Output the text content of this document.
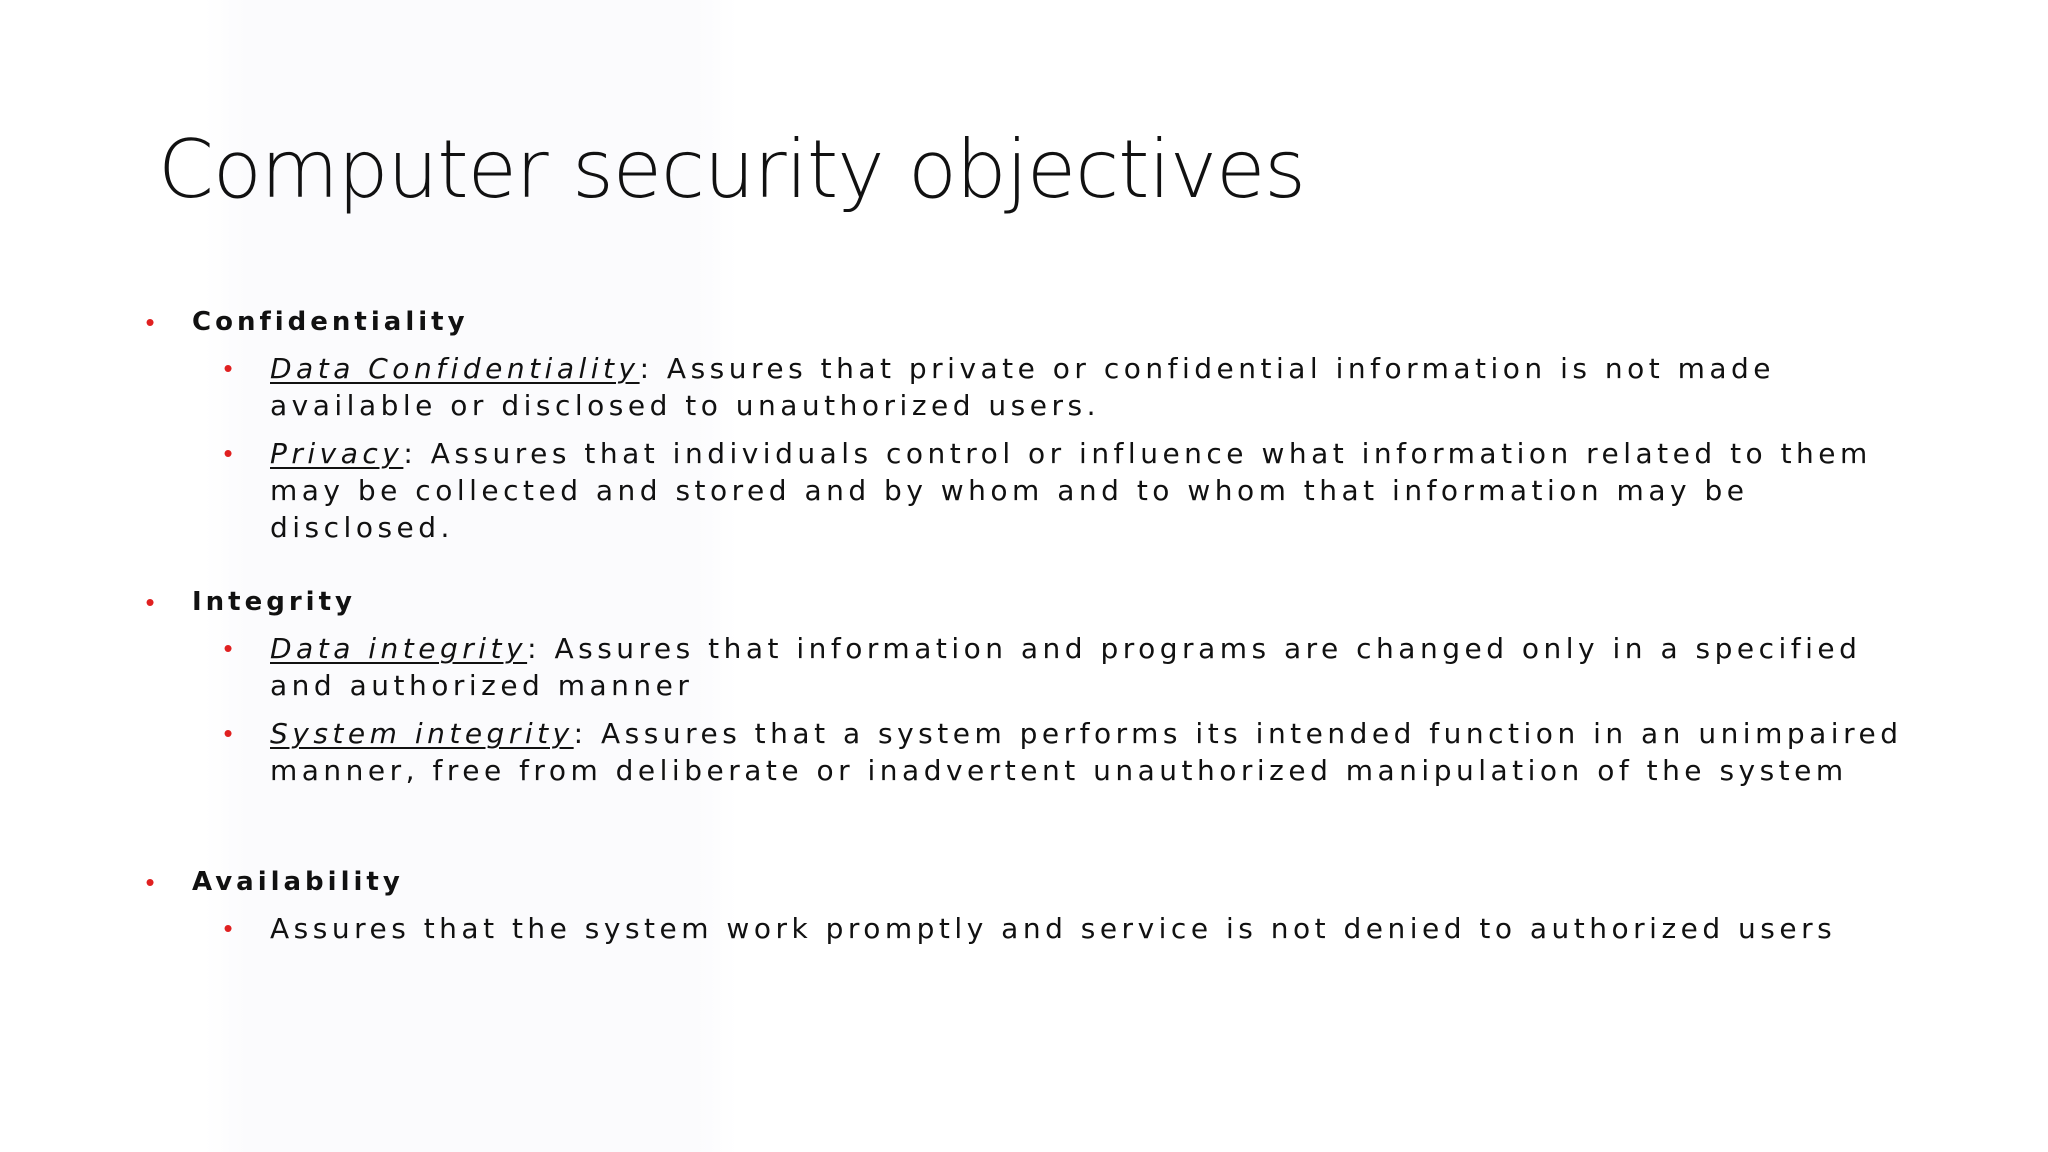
Computer security objectives
• Confidentiality
• Data Confidentiality: Assures that private or confidential information is not made available or disclosed to unauthorized users.
• Privacy: Assures that individuals control or influence what information related to them may be collected and stored and by whom and to whom that information may be disclosed.
• Integrity
• Data integrity: Assures that information and programs are changed only in a specified and authorized manner
• System integrity: Assures that a system performs its intended function in an unimpaired manner, free from deliberate or inadvertent unauthorized manipulation of the system
• Availability
• Assures that the system work promptly and service is not denied to authorized users
